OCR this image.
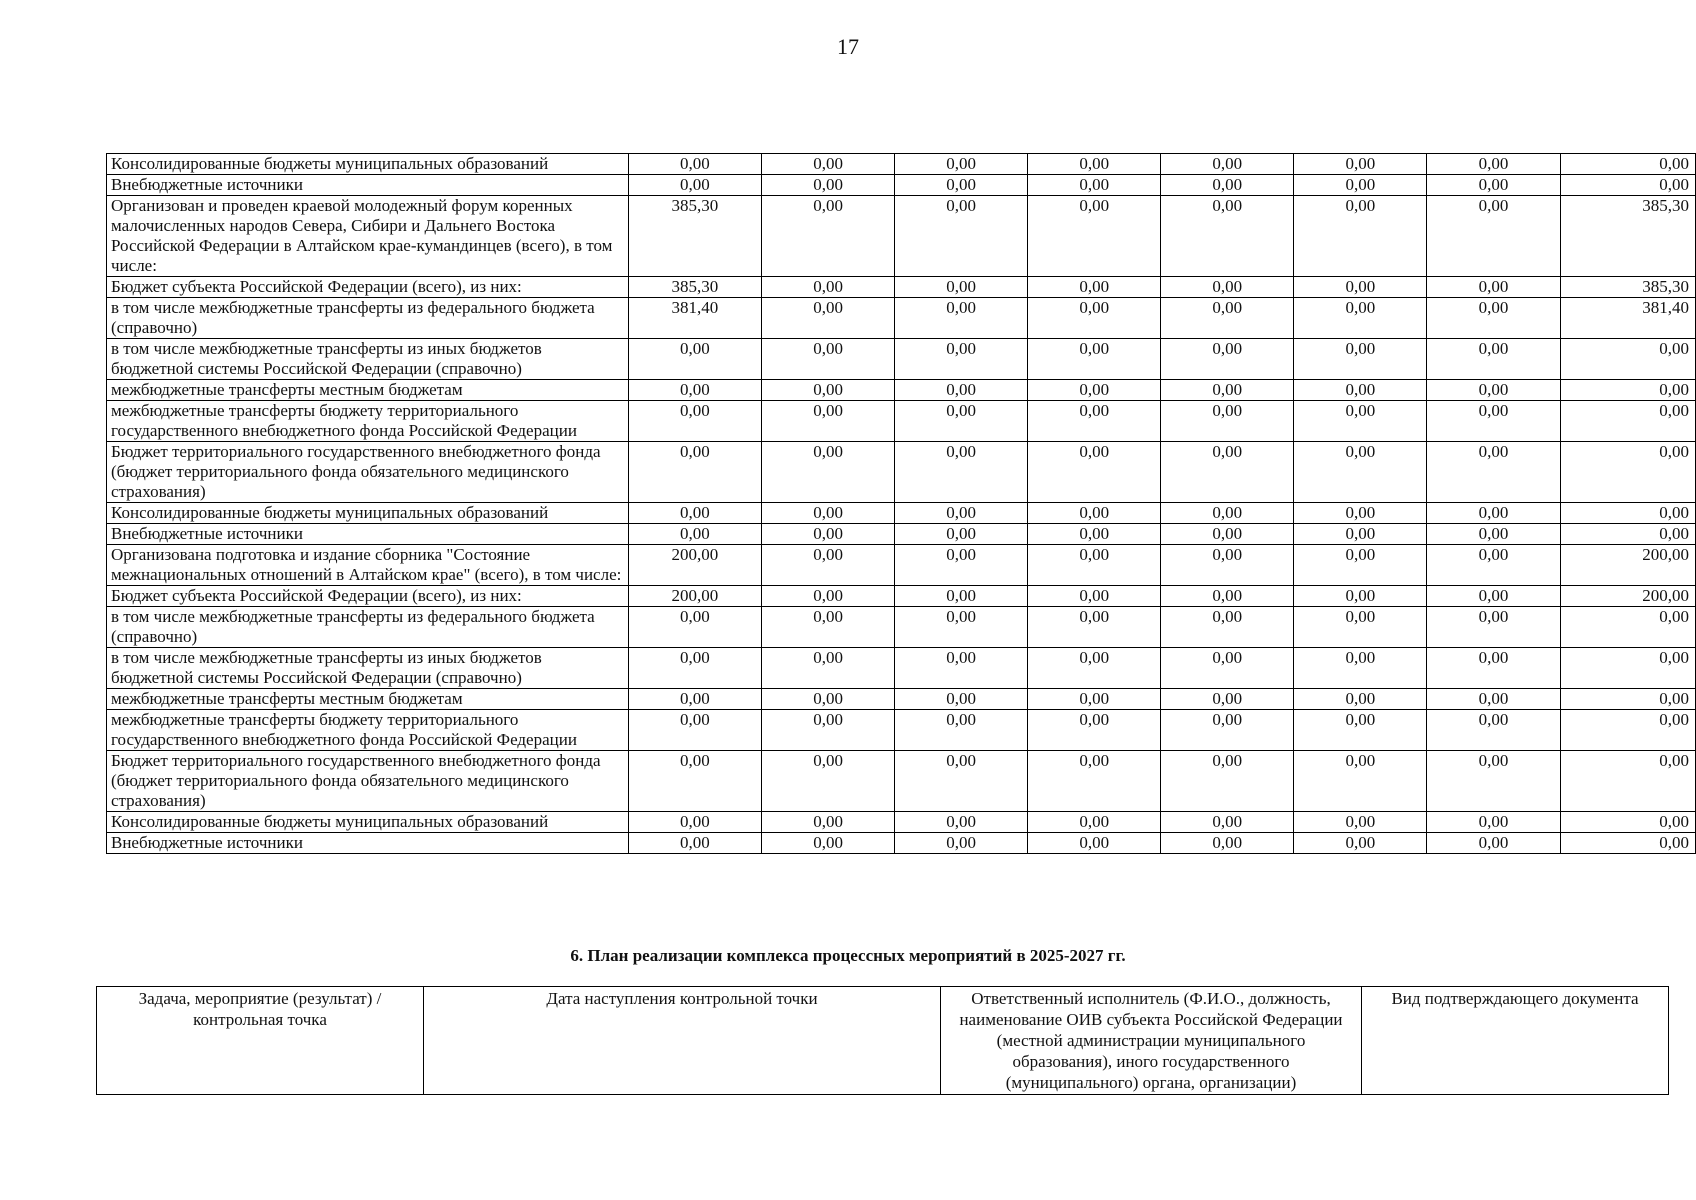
17
Консолидированные бюджеты муниципальных образований	0,00	0,00	0,00	0,00	0,00	0,00	0,00	0,00
Внебюджетные источники	0,00	0,00	0,00	0,00	0,00	0,00	0,00	0,00
Организован и проведен краевой молодежный форум коренных малочисленных народов Севера, Сибири и Дальнего Востока Российской Федерации в Алтайском крае-кумандинцев (всего), в том числе:	385,30	0,00	0,00	0,00	0,00	0,00	0,00	385,30
Бюджет субъекта Российской Федерации (всего), из них:	385,30	0,00	0,00	0,00	0,00	0,00	0,00	385,30
в том числе межбюджетные трансферты из федерального бюджета (справочно)	381,40	0,00	0,00	0,00	0,00	0,00	0,00	381,40
в том числе межбюджетные трансферты из иных бюджетов бюджетной системы Российской Федерации (справочно)	0,00	0,00	0,00	0,00	0,00	0,00	0,00	0,00
межбюджетные трансферты местным бюджетам	0,00	0,00	0,00	0,00	0,00	0,00	0,00	0,00
межбюджетные трансферты бюджету территориального государственного внебюджетного фонда Российской Федерации	0,00	0,00	0,00	0,00	0,00	0,00	0,00	0,00
Бюджет территориального государственного внебюджетного фонда (бюджет территориального фонда обязательного медицинского страхования)	0,00	0,00	0,00	0,00	0,00	0,00	0,00	0,00
Консолидированные бюджеты муниципальных образований	0,00	0,00	0,00	0,00	0,00	0,00	0,00	0,00
Внебюджетные источники	0,00	0,00	0,00	0,00	0,00	0,00	0,00	0,00
Организована подготовка и издание сборника "Состояние межнациональных отношений в Алтайском крае" (всего), в том числе:	200,00	0,00	0,00	0,00	0,00	0,00	0,00	200,00
Бюджет субъекта Российской Федерации (всего), из них:	200,00	0,00	0,00	0,00	0,00	0,00	0,00	200,00
в том числе межбюджетные трансферты из федерального бюджета (справочно)	0,00	0,00	0,00	0,00	0,00	0,00	0,00	0,00
в том числе межбюджетные трансферты из иных бюджетов бюджетной системы Российской Федерации (справочно)	0,00	0,00	0,00	0,00	0,00	0,00	0,00	0,00
межбюджетные трансферты местным бюджетам	0,00	0,00	0,00	0,00	0,00	0,00	0,00	0,00
межбюджетные трансферты бюджету территориального государственного внебюджетного фонда Российской Федерации	0,00	0,00	0,00	0,00	0,00	0,00	0,00	0,00
Бюджет территориального государственного внебюджетного фонда (бюджет территориального фонда обязательного медицинского страхования)	0,00	0,00	0,00	0,00	0,00	0,00	0,00	0,00
Консолидированные бюджеты муниципальных образований	0,00	0,00	0,00	0,00	0,00	0,00	0,00	0,00
Внебюджетные источники	0,00	0,00	0,00	0,00	0,00	0,00	0,00	0,00
6. План реализации комплекса процессных мероприятий в 2025-2027 гг.
Задача, мероприятие (результат) / контрольная точка	Дата наступления контрольной точки	Ответственный исполнитель (Ф.И.О., должность, наименование ОИВ субъекта Российской Федерации (местной администрации муниципального образования), иного государственного (муниципального) органа, организации)	Вид подтверждающего документа
